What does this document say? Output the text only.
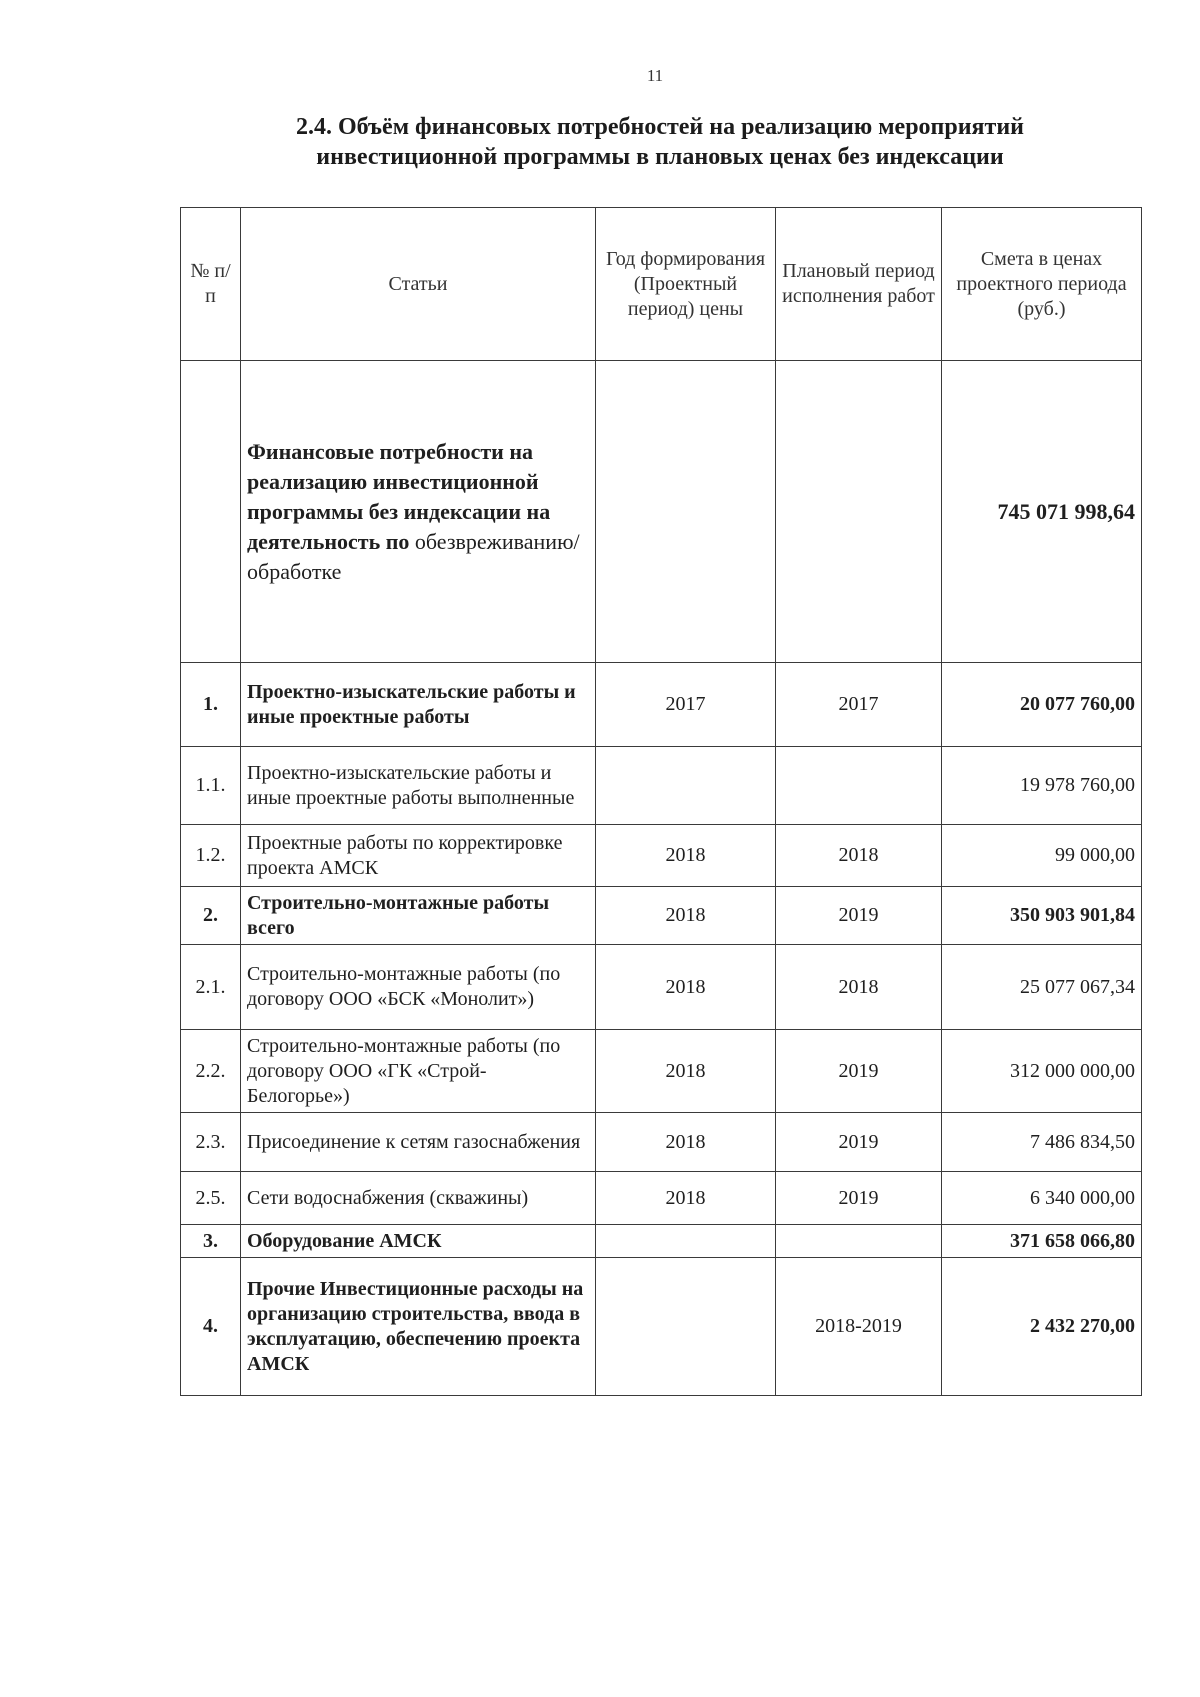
11
2.4. Объём финансовых потребностей на реализацию мероприятий
инвестиционной программы в плановых ценах без индексации
№ п/п	Статьи	Год формирования (Проектный период) цены	Плановый период исполнения работ	Смета в ценах проектного периода (руб.)
	Финансовые потребности на реализацию инвестиционной программы без индексации на деятельность по обезвреживанию/обработке			745 071 998,64
1.	Проектно-изыскательские работы и иные проектные работы	2017	2017	20 077 760,00
1.1.	Проектно-изыскательские работы и иные проектные работы выполненные			19 978 760,00
1.2.	Проектные работы по корректировке проекта АМСК	2018	2018	99 000,00
2.	Строительно-монтажные работы всего	2018	2019	350 903 901,84
2.1.	Строительно-монтажные работы (по договору ООО «БСК «Монолит»)	2018	2018	25 077 067,34
2.2.	Строительно-монтажные работы (по договору ООО «ГК «Строй-Белогорье»)	2018	2019	312 000 000,00
2.3.	Присоединение к сетям газоснабжения	2018	2019	7 486 834,50
2.5.	Сети водоснабжения (скважины)	2018	2019	6 340 000,00
3.	Оборудование АМСК			371 658 066,80
4.	Прочие Инвестиционные расходы на организацию строительства, ввода в эксплуатацию, обеспечению проекта АМСК		2018-2019	2 432 270,00
